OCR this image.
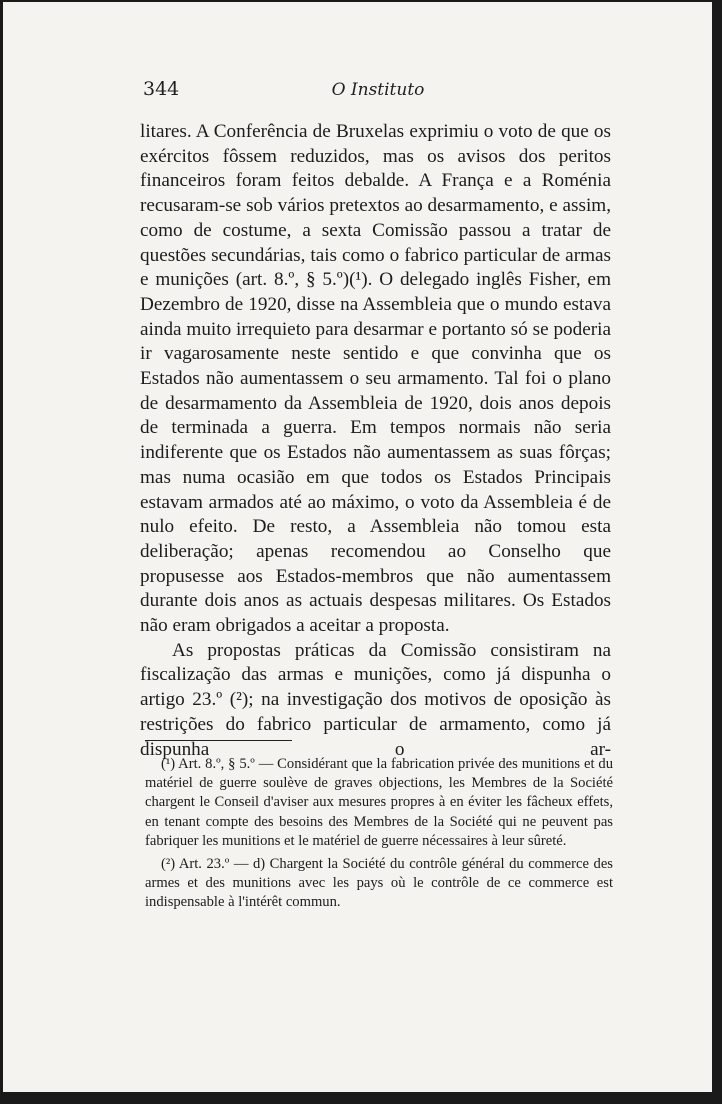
344	O Instituto

litares. A Conferência de Bruxelas exprimiu o voto de que os exércitos fôssem reduzidos, mas os avisos dos peritos financeiros foram feitos debalde. A França e a Roménia recusaram-se sob vários pretextos ao desarmamento, e assim, como de costume, a sexta Comissão passou a tratar de questões secundárias, tais como o fabrico particular de armas e munições (art. 8.º, § 5.º)(¹). O delegado inglês Fisher, em Dezembro de 1920, disse na Assembleia que o mundo estava ainda muito irrequieto para desarmar e portanto só se poderia ir vagarosamente neste sentido e que convinha que os Estados não aumentassem o seu armamento. Tal foi o plano de desarmamento da Assembleia de 1920, dois anos depois de terminada a guerra. Em tempos normais não seria indiferente que os Estados não aumentassem as suas fôrças; mas numa ocasião em que todos os Estados Principais estavam armados até ao máximo, o voto da Assembleia é de nulo efeito. De resto, a Assembleia não tomou esta deliberação; apenas recomendou ao Conselho que propusesse aos Estados-membros que não aumentassem durante dois anos as actuais despesas militares. Os Estados não eram obrigados a aceitar a proposta.

As propostas práticas da Comissão consistiram na fiscalização das armas e munições, como já dispunha o artigo 23.º (²); na investigação dos motivos de oposição às restrições do fabrico particular de armamento, como já dispunha o ar-

(¹) Art. 8.º, § 5.º — Considérant que la fabrication privée des munitions et du matériel de guerre soulève de graves objections, les Membres de la Société chargent le Conseil d'aviser aux mesures propres à en éviter les fâcheux effets, en tenant compte des besoins des Membres de la Société qui ne peuvent pas fabriquer les munitions et le matériel de guerre nécessaires à leur sûreté.

(²) Art. 23.º — d) Chargent la Société du contrôle général du commerce des armes et des munitions avec les pays où le contrôle de ce commerce est indispensable à l'intérêt commun.
